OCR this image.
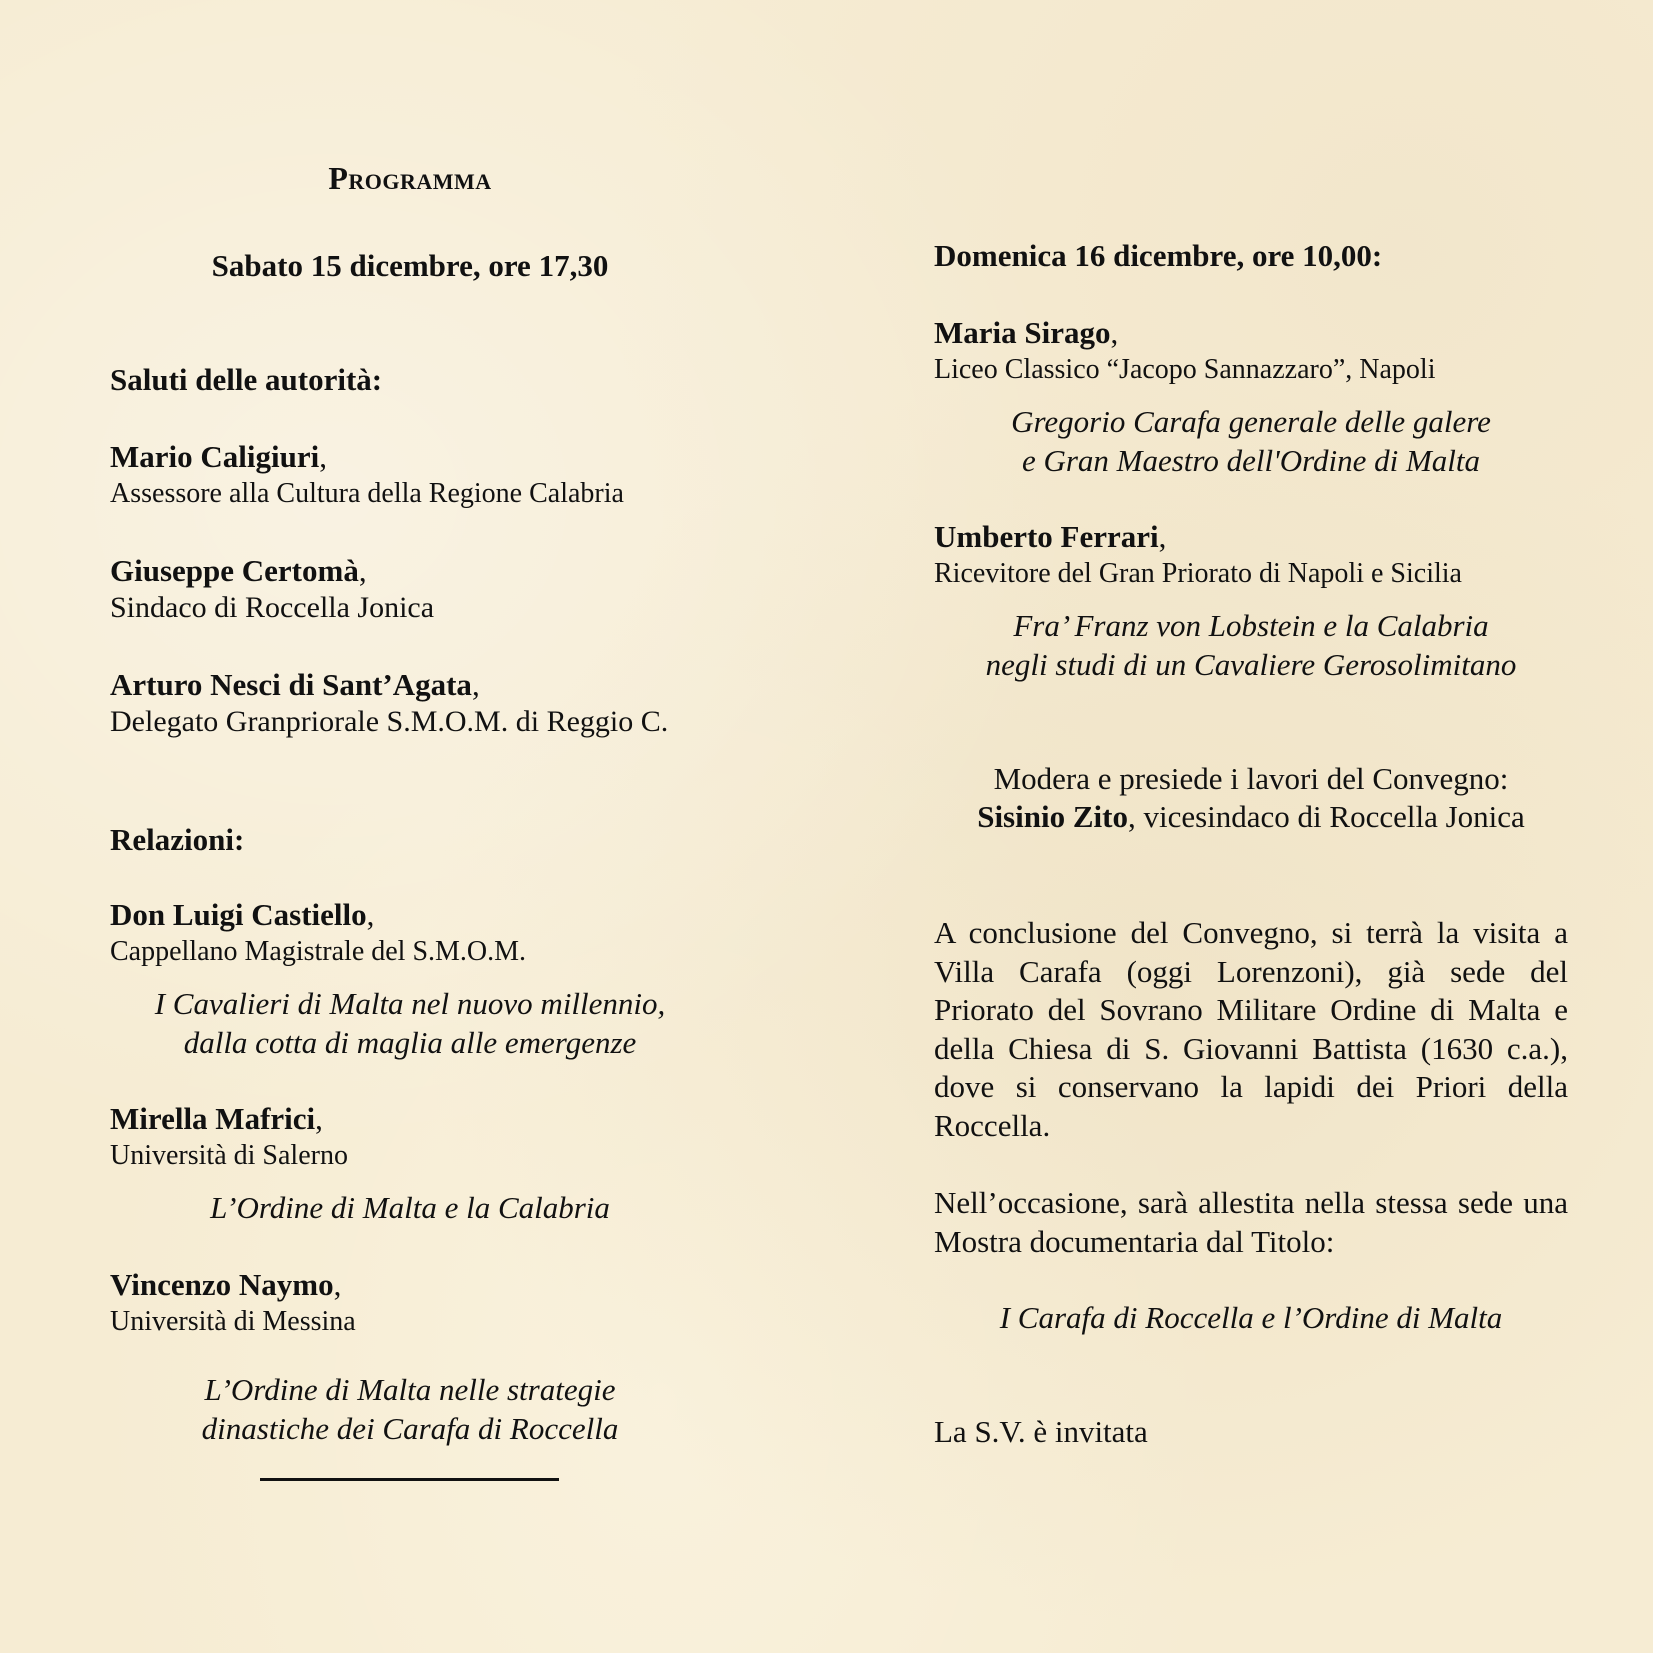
Programma
Sabato 15 dicembre, ore 17,30
Saluti delle autorità:
Mario Caligiuri,
Assessore alla Cultura della Regione Calabria
Giuseppe Certomà,
Sindaco di Roccella Jonica
Arturo Nesci di Sant’Agata,
Delegato Granpriorale S.M.O.M. di Reggio C.
Relazioni:
Don Luigi Castiello,
Cappellano Magistrale del S.M.O.M.
I Cavalieri di Malta nel nuovo millennio,
dalla cotta di maglia alle emergenze
Mirella Mafrici,
Università di Salerno
L’Ordine di Malta e la Calabria
Vincenzo Naymo,
Università di Messina
L’Ordine di Malta nelle strategie
dinastiche dei Carafa di Roccella
Domenica 16 dicembre, ore 10,00:
Maria Sirago,
Liceo Classico “Jacopo Sannazzaro”, Napoli
Gregorio Carafa generale delle galere
e Gran Maestro dell'Ordine di Malta
Umberto Ferrari,
Ricevitore del Gran Priorato di Napoli e Sicilia
Fra’ Franz von Lobstein e la Calabria
negli studi di un Cavaliere Gerosolimitano
Modera e presiede i lavori del Convegno:
Sisinio Zito, vicesindaco di Roccella Jonica
A conclusione del Convegno, si terrà la visita a Villa Carafa (oggi Lorenzoni), già sede del Priorato del Sovrano Militare Ordine di Malta e della Chiesa di S. Giovanni Battista (1630 c.a.), dove si conservano la lapidi dei Priori della Roccella.
Nell’occasione, sarà allestita nella stessa sede una Mostra documentaria dal Titolo:
I Carafa di Roccella e l’Ordine di Malta
La S.V. è invitata
